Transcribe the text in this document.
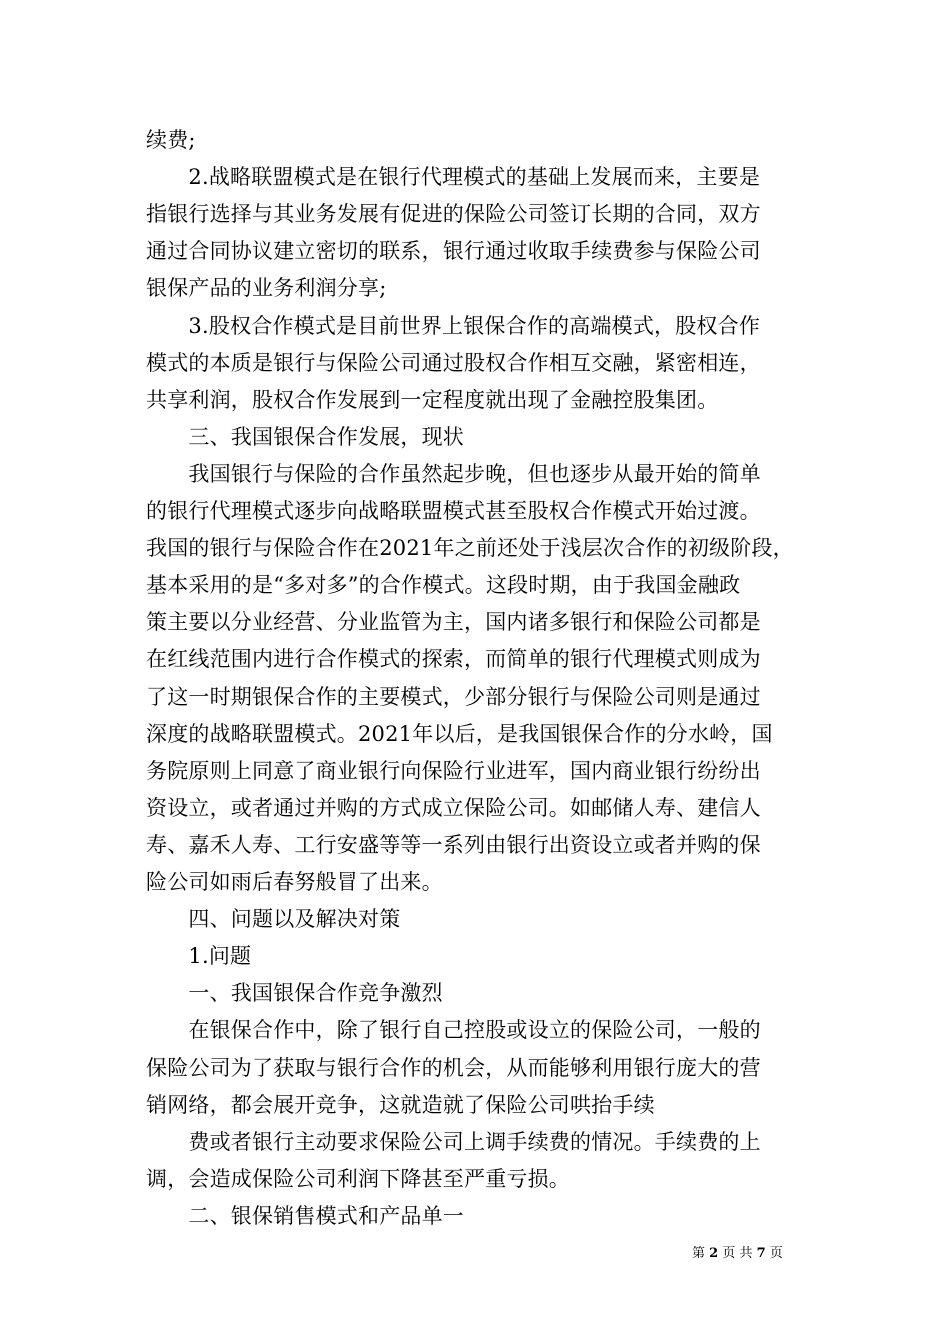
续费;
　　2.战略联盟模式是在银行代理模式的基础上发展而来，主要是
指银行选择与其业务发展有促进的保险公司签订长期的合同，双方
通过合同协议建立密切的联系，银行通过收取手续费参与保险公司
银保产品的业务利润分享;
　　3.股权合作模式是目前世界上银保合作的高端模式，股权合作
模式的本质是银行与保险公司通过股权合作相互交融，紧密相连，
共享利润，股权合作发展到一定程度就出现了金融控股集团。
　　三、我国银保合作发展，现状
　　我国银行与保险的合作虽然起步晚，但也逐步从最开始的简单
的银行代理模式逐步向战略联盟模式甚至股权合作模式开始过渡。
我国的银行与保险合作在2021年之前还处于浅层次合作的初级阶段，
基本采用的是“多对多”的合作模式。这段时期，由于我国金融政
策主要以分业经营、分业监管为主，国内诸多银行和保险公司都是
在红线范围内进行合作模式的探索，而简单的银行代理模式则成为
了这一时期银保合作的主要模式，少部分银行与保险公司则是通过
深度的战略联盟模式。2021年以后，是我国银保合作的分水岭，国
务院原则上同意了商业银行向保险行业进军，国内商业银行纷纷出
资设立，或者通过并购的方式成立保险公司。如邮储人寿、建信人
寿、嘉禾人寿、工行安盛等等一系列由银行出资设立或者并购的保
险公司如雨后春努般冒了出来。
　　四、问题以及解决对策
　　1.问题
　　一、我国银保合作竞争激烈
　　在银保合作中，除了银行自己控股或设立的保险公司，一般的
保险公司为了获取与银行合作的机会，从而能够利用银行庞大的营
销网络，都会展开竞争，这就造就了保险公司哄抬手续
　　费或者银行主动要求保险公司上调手续费的情况。手续费的上
调，会造成保险公司利润下降甚至严重亏损。
　　二、银保销售模式和产品单一
第 2 页 共 7 页
